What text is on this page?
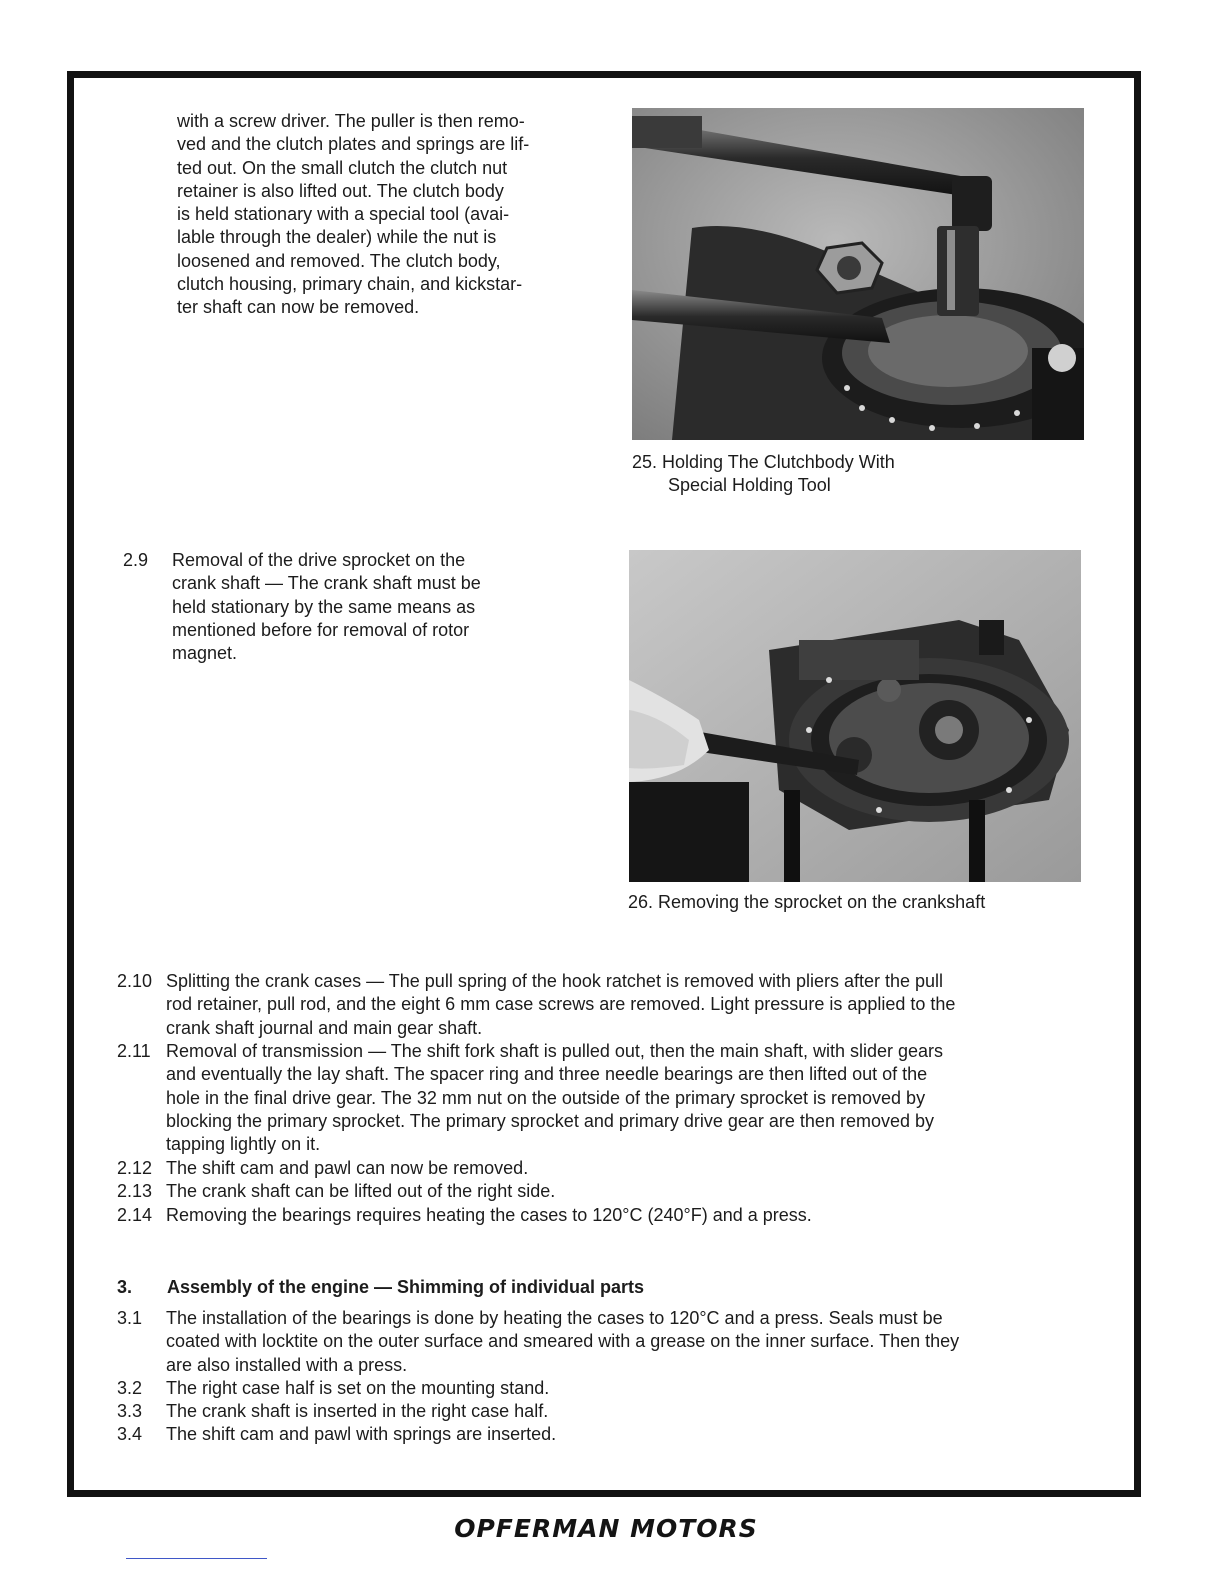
with a screw driver. The puller is then remo-
ved and the clutch plates and springs are lif-
ted out. On the small clutch the clutch nut
retainer is also lifted out. The clutch body
is held stationary with a special tool (avai-
lable through the dealer) while the nut is
loosened and removed. The clutch body,
clutch housing, primary chain, and kickstar-
ter shaft can now be removed.
25. Holding The Clutchbody With
Special Holding Tool
2.9 Removal of the drive sprocket on the
crank shaft — The crank shaft must be
held stationary by the same means as
mentioned before for removal of rotor
magnet.
26. Removing the sprocket on the crankshaft
2.10 Splitting the crank cases — The pull spring of the hook ratchet is removed with pliers after the pull
rod retainer, pull rod, and the eight 6 mm case screws are removed. Light pressure is applied to the
crank shaft journal and main gear shaft.
2.11 Removal of transmission — The shift fork shaft is pulled out, then the main shaft, with slider gears
and eventually the lay shaft. The spacer ring and three needle bearings are then lifted out of the
hole in the final drive gear. The 32 mm nut on the outside of the primary sprocket is removed by
blocking the primary sprocket. The primary sprocket and primary drive gear are then removed by
tapping lightly on it.
2.12 The shift cam and pawl can now be removed.
2.13 The crank shaft can be lifted out of the right side.
2.14 Removing the bearings requires heating the cases to 120°C (240°F) and a press.
3. Assembly of the engine — Shimming of individual parts
3.1 The installation of the bearings is done by heating the cases to 120°C and a press. Seals must be
coated with locktite on the outer surface and smeared with a grease on the inner surface. Then they
are also installed with a press.
3.2 The right case half is set on the mounting stand.
3.3 The crank shaft is inserted in the right case half.
3.4 The shift cam and pawl with springs are inserted.
OPFERMAN MOTORS
